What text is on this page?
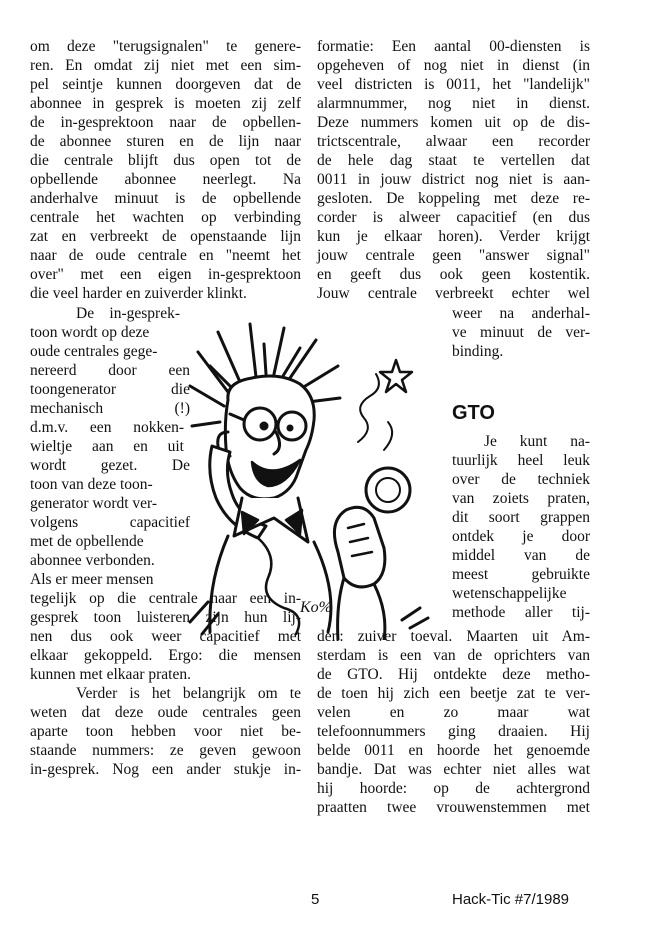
om deze "terugsignalen" te genere-
ren. En omdat zij niet met een sim-
pel seintje kunnen doorgeven dat de
abonnee in gesprek is moeten zij zelf
de in-gesprektoon naar de opbellen-
de abonnee sturen en de lijn naar
die centrale blijft dus open tot de
opbellende abonnee neerlegt. Na
anderhalve minuut is de opbellende
centrale het wachten op verbinding
zat en verbreekt de openstaande lijn
naar de oude centrale en "neemt het
over" met een eigen in-gesprektoon
die veel harder en zuiverder klinkt.
De in-gesprek-
toon wordt op deze
oude centrales gege-
nereerd door een
toongenerator die
mechanisch (!)
d.m.v. een nokken-
wieltje aan en uit
wordt gezet. De
toon van deze toon-
generator wordt ver-
volgens capacitief
met de opbellende
abonnee verbonden.
Als er meer mensen
tegelijk op die centrale naar een in-
gesprek toon luisteren zijn hun lij-
nen dus ook weer capacitief met
elkaar gekoppeld. Ergo: die mensen
kunnen met elkaar praten.
Verder is het belangrijk om te
weten dat deze oude centrales geen
aparte toon hebben voor niet be-
staande nummers: ze geven gewoon
in-gesprek. Nog een ander stukje in-
formatie: Een aantal 00-diensten is
opgeheven of nog niet in dienst (in
veel districten is 0011, het "landelijk"
alarmnummer, nog niet in dienst.
Deze nummers komen uit op de dis-
trictscentrale, alwaar een recorder
de hele dag staat te vertellen dat
0011 in jouw district nog niet is aan-
gesloten. De koppeling met deze re-
corder is alweer capacitief (en dus
kun je elkaar horen). Verder krijgt
jouw centrale geen "answer signal"
en geeft dus ook geen kostentik.
Jouw centrale verbreekt echter wel
weer na anderhal-
ve minuut de ver-
binding.
GTO
Je kunt na-
tuurlijk heel leuk
over de techniek
van zoiets praten,
dit soort grappen
ontdek je door
middel van de
meest gebruikte
wetenschappelijke
methode aller tij-
den: zuiver toeval. Maarten uit Am-
sterdam is een van de oprichters van
de GTO. Hij ontdekte deze metho-
de toen hij zich een beetje zat te ver-
velen en zo maar wat
telefoonnummers ging draaien. Hij
belde 0011 en hoorde het genoemde
bandje. Dat was echter niet alles wat
hij hoorde: op de achtergrond
praatten twee vrouwenstemmen met
Ko%
5	Hack-Tic #7/1989
